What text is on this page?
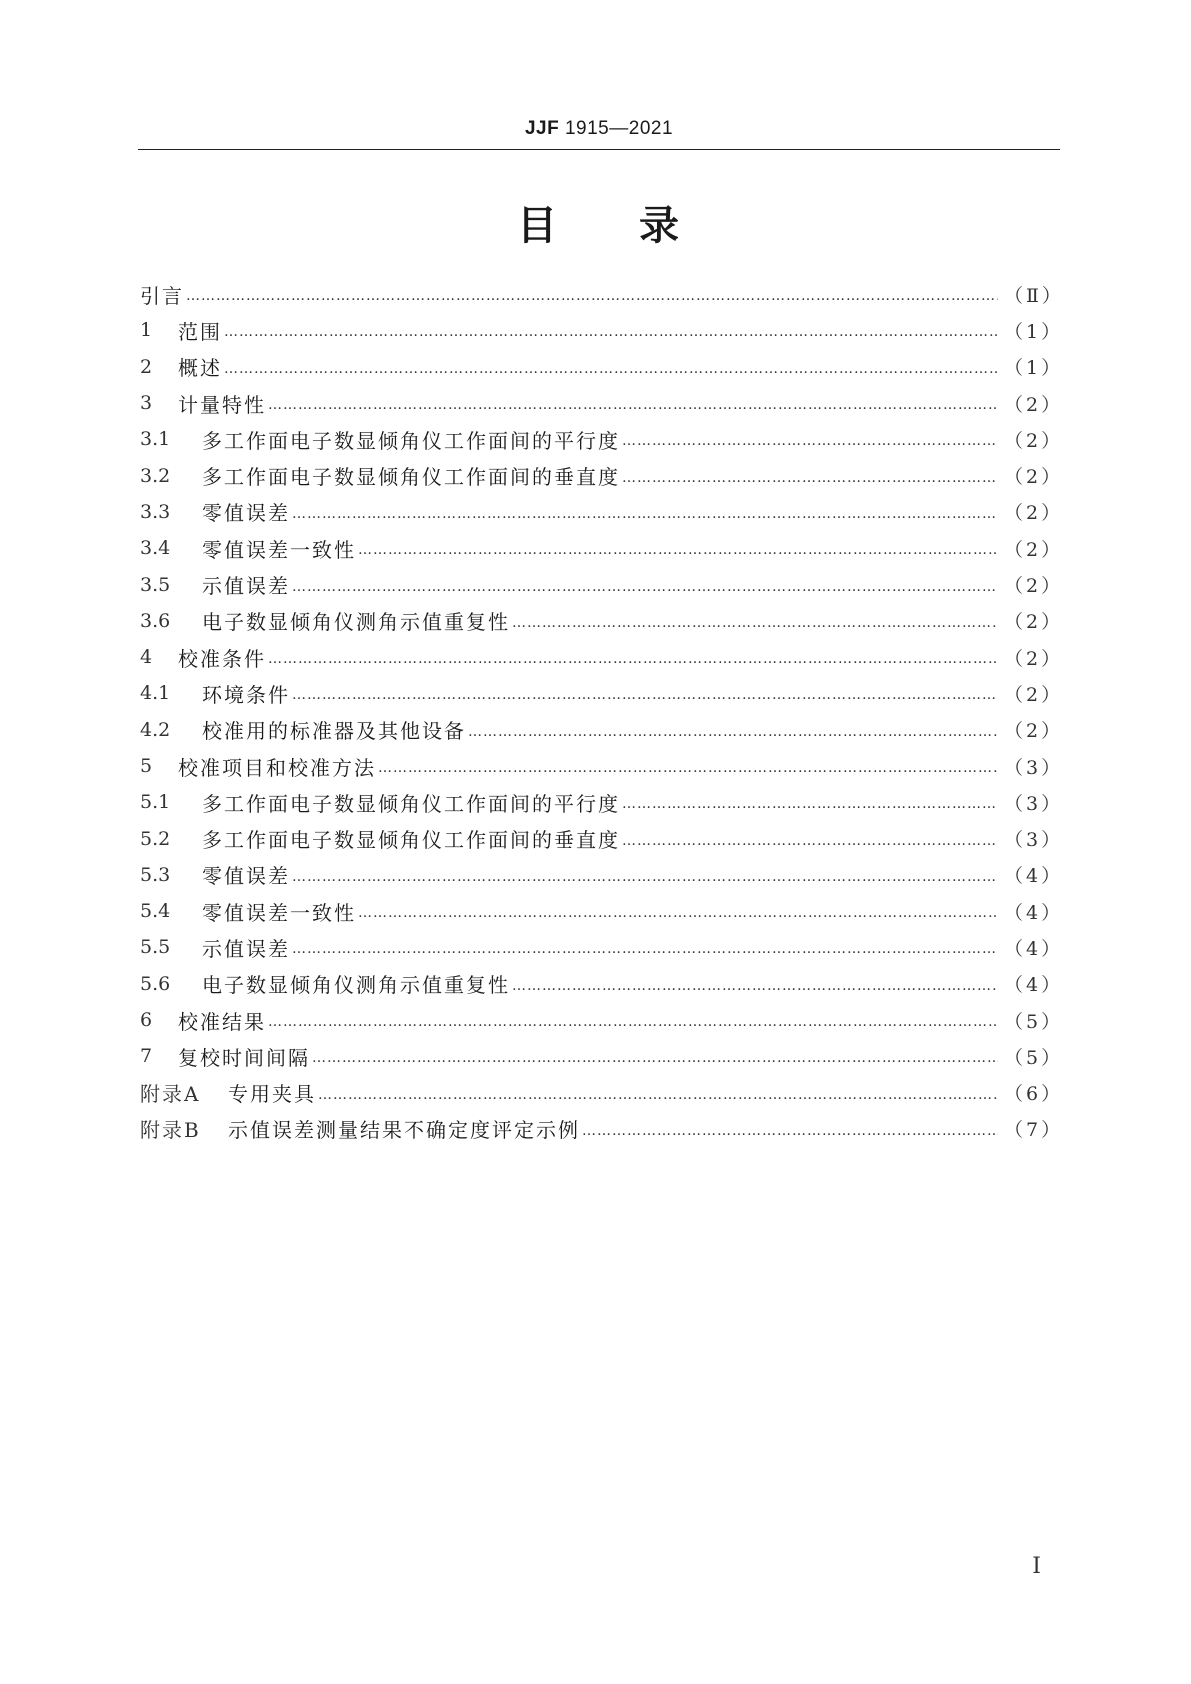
JJF 1915—2021
目 录
引言 ……………………………………………………………………………………………………………………………………………………………………………………………………………………………	（Ⅱ）
1	范围 ……………………………………………………………………………………………………………………………………………………………………………………………………………………………	（1）
2	概述 ……………………………………………………………………………………………………………………………………………………………………………………………………………………………	（1）
3	计量特性 ……………………………………………………………………………………………………………………………………………………………………………………………………………………………	（2）
3.1	多工作面电子数显倾角仪工作面间的平行度 ……………………………………………………………………………………………………………………………………………………………………………………………………………………………	（2）
3.2	多工作面电子数显倾角仪工作面间的垂直度 ……………………………………………………………………………………………………………………………………………………………………………………………………………………………	（2）
3.3	零值误差 ……………………………………………………………………………………………………………………………………………………………………………………………………………………………	（2）
3.4	零值误差一致性 ……………………………………………………………………………………………………………………………………………………………………………………………………………………………	（2）
3.5	示值误差 ……………………………………………………………………………………………………………………………………………………………………………………………………………………………	（2）
3.6	电子数显倾角仪测角示值重复性 ……………………………………………………………………………………………………………………………………………………………………………………………………………………………	（2）
4	校准条件 ……………………………………………………………………………………………………………………………………………………………………………………………………………………………	（2）
4.1	环境条件 ……………………………………………………………………………………………………………………………………………………………………………………………………………………………	（2）
4.2	校准用的标准器及其他设备 ……………………………………………………………………………………………………………………………………………………………………………………………………………………………	（2）
5	校准项目和校准方法 ……………………………………………………………………………………………………………………………………………………………………………………………………………………………	（3）
5.1	多工作面电子数显倾角仪工作面间的平行度 ……………………………………………………………………………………………………………………………………………………………………………………………………………………………	（3）
5.2	多工作面电子数显倾角仪工作面间的垂直度 ……………………………………………………………………………………………………………………………………………………………………………………………………………………………	（3）
5.3	零值误差 ……………………………………………………………………………………………………………………………………………………………………………………………………………………………	（4）
5.4	零值误差一致性 ……………………………………………………………………………………………………………………………………………………………………………………………………………………………	（4）
5.5	示值误差 ……………………………………………………………………………………………………………………………………………………………………………………………………………………………	（4）
5.6	电子数显倾角仪测角示值重复性 ……………………………………………………………………………………………………………………………………………………………………………………………………………………………	（4）
6	校准结果 ……………………………………………………………………………………………………………………………………………………………………………………………………………………………	（5）
7	复校时间间隔 ……………………………………………………………………………………………………………………………………………………………………………………………………………………………	（5）
附录A	专用夹具 ……………………………………………………………………………………………………………………………………………………………………………………………………………………………	（6）
附录B	示值误差测量结果不确定度评定示例 ……………………………………………………………………………………………………………………………………………………………………………………………………………………………	（7）
Ⅰ
